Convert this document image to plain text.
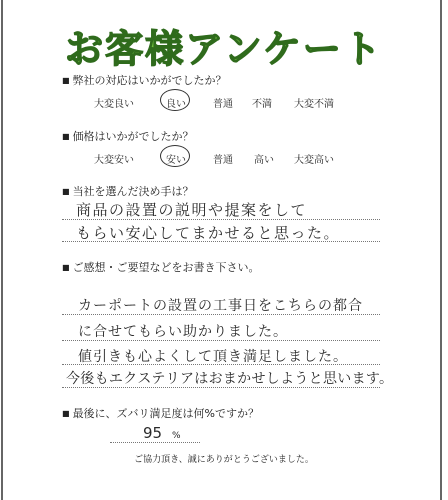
お客様アンケート
■ 弊社の対応はいかがでしたか？
大変良い	良い	普通 不満 大変不満
■ 価格はいかがでしたか？
大変安い	安い	普通 高い 大変高い
■ 当社を選んだ決め手は？
商品の設置の説明や提案をして
もらい安心してまかせると思った。
■ ご感想・ご要望などをお書き下さい。
カーポートの設置の工事日をこちらの都合
に合せてもらい助かりました。
値引きも心よくして頂き満足しました。
今後もエクステリアはおまかせしようと思います。
■ 最後に、ズバリ満足度は何%ですか？
95 %
ご協力頂き、誠にありがとうございました。
